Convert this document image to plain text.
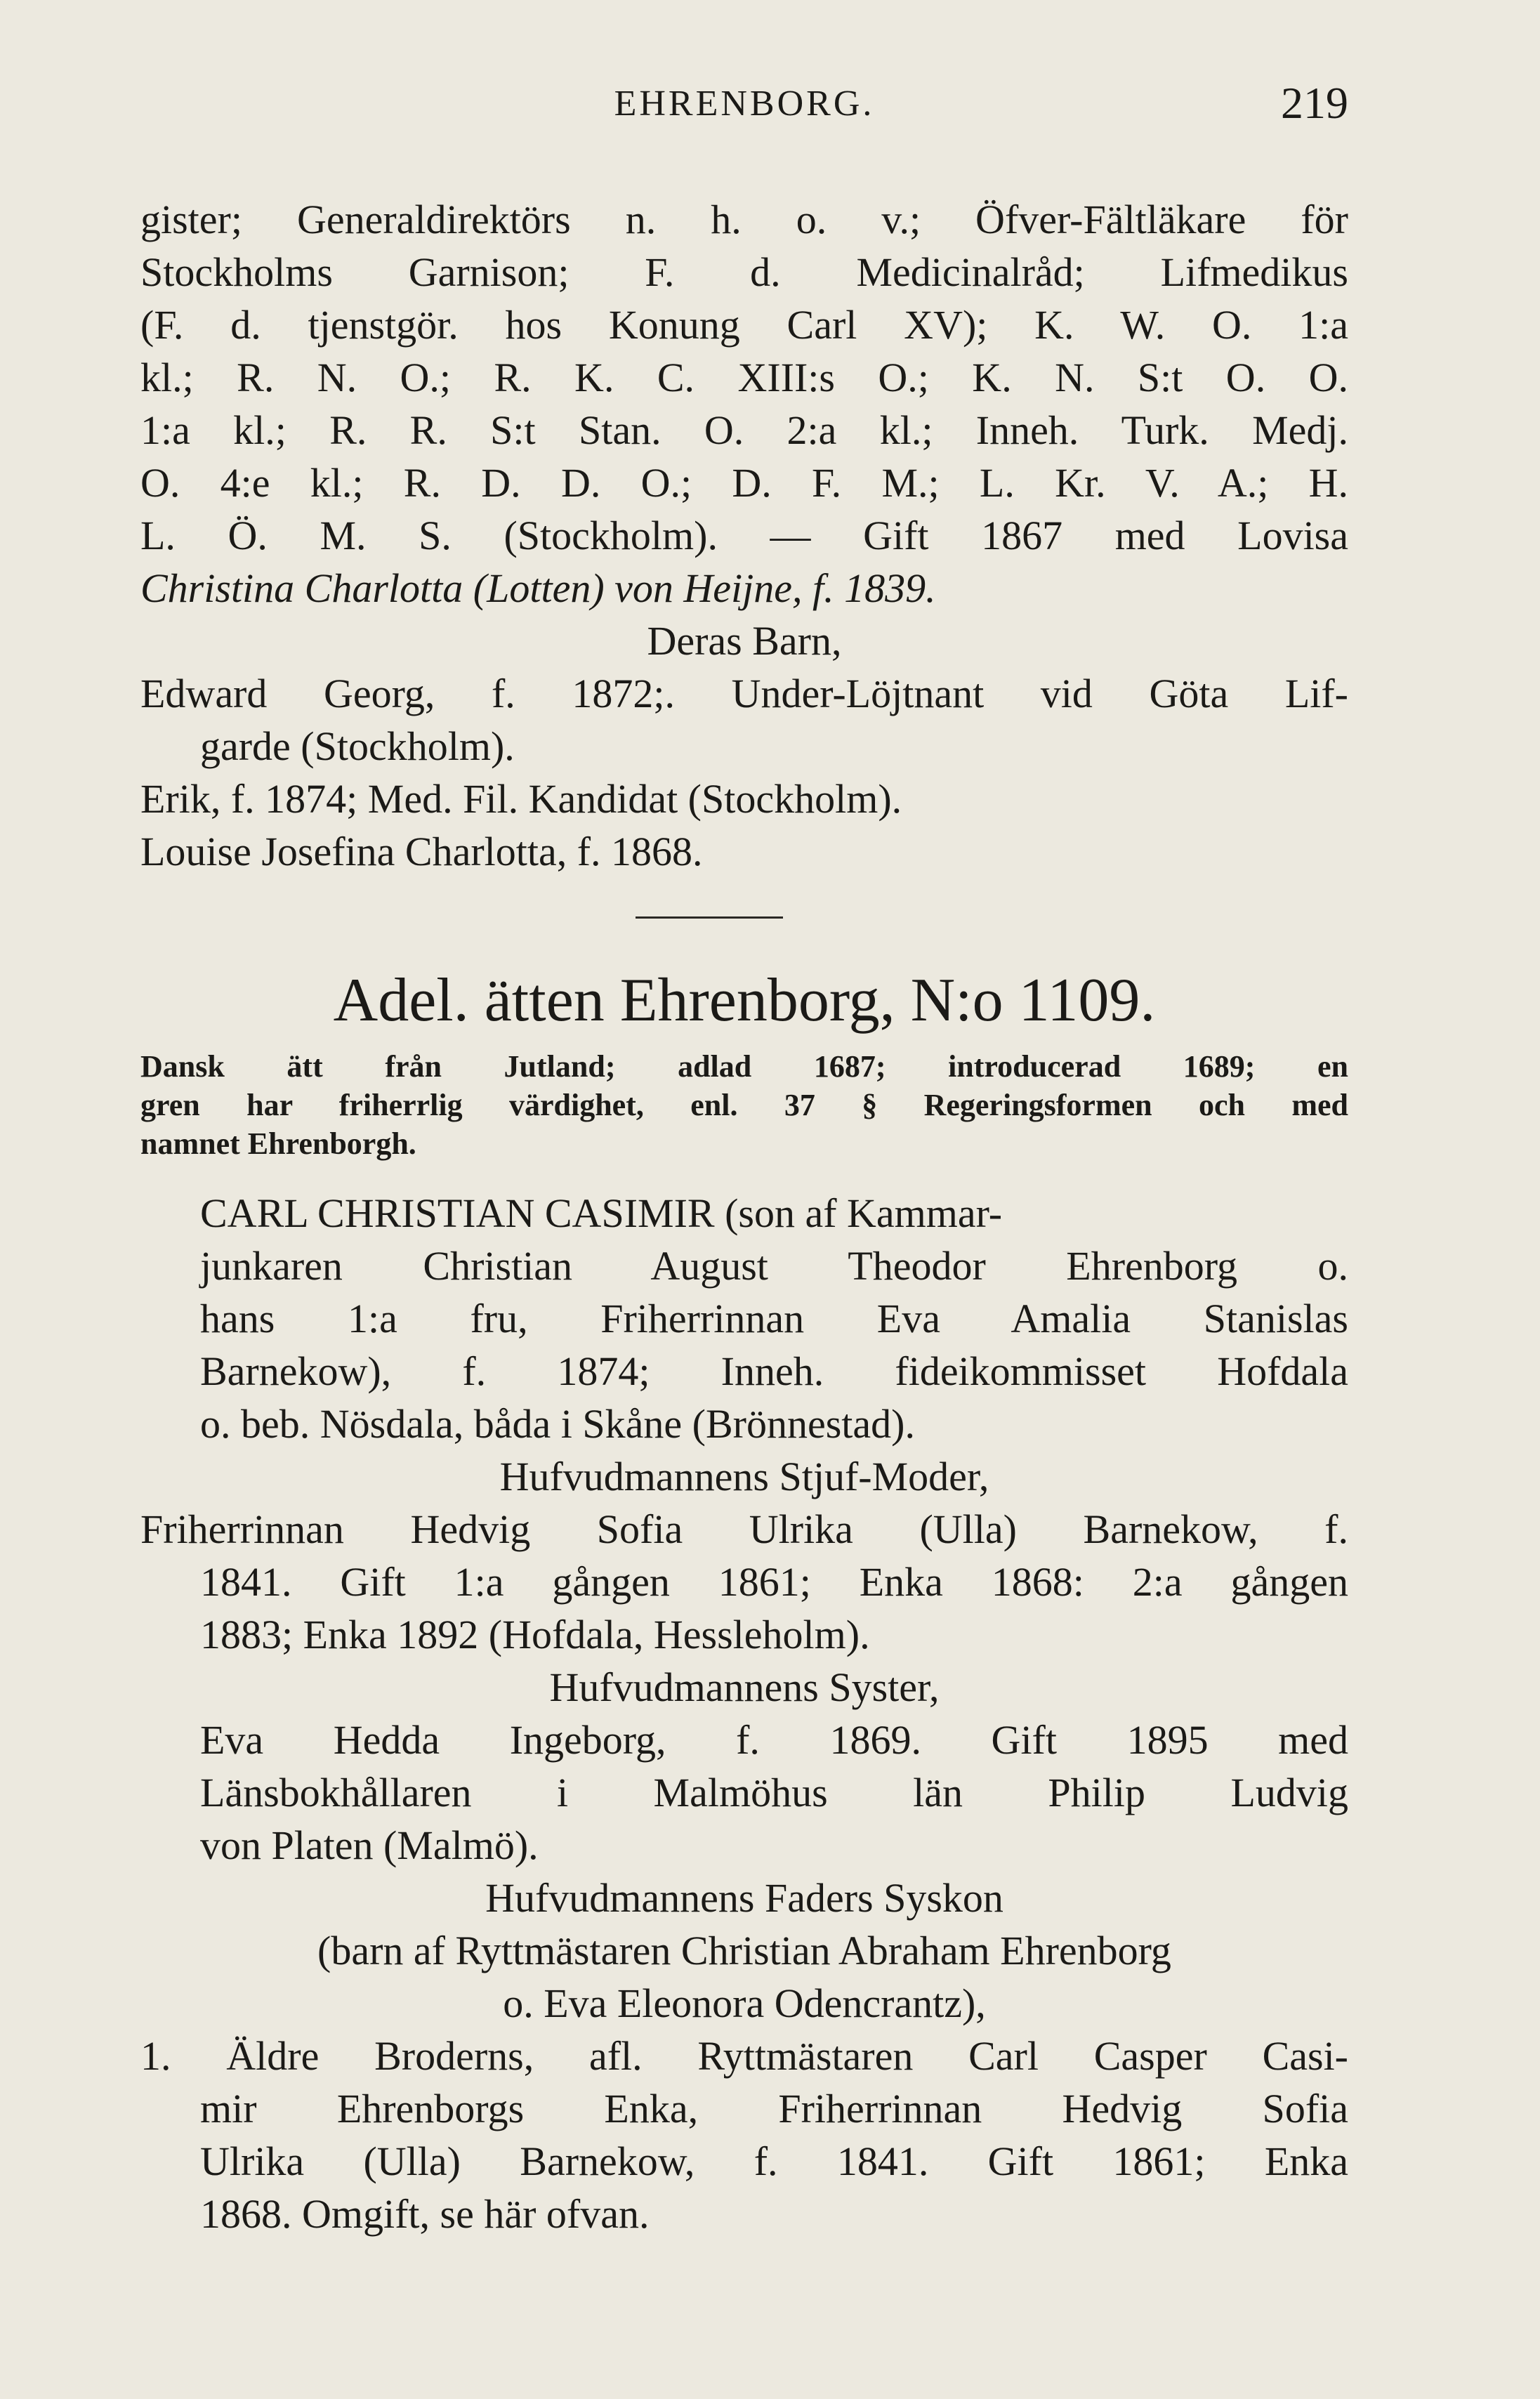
EHRENBORG.	219
gister; Generaldirektörs n. h. o. v.; Öfver-Fältläkare för
Stockholms Garnison; F. d. Medicinalråd; Lifmedikus
(F. d. tjenstgör. hos Konung Carl XV); K. W. O. 1:a
kl.; R. N. O.; R. K. C. XIII:s O.; K. N. S:t O. O.
1:a kl.; R. R. S:t Stan. O. 2:a kl.; Inneh. Turk. Medj.
O. 4:e kl.; R. D. D. O.; D. F. M.; L. Kr. V. A.; H.
L. Ö. M. S. (Stockholm). — Gift 1867 med Lovisa
Christina Charlotta (Lotten) von Heijne, f. 1839.
Deras Barn,
Edward Georg, f. 1872;. Under-Löjtnant vid Göta Lif-
garde (Stockholm).
Erik, f. 1874; Med. Fil. Kandidat (Stockholm).
Louise Josefina Charlotta, f. 1868.
Adel. ätten Ehrenborg, N:o 1109.
Dansk ätt från Jutland; adlad 1687; introducerad 1689; en
gren har friherrlig värdighet, enl. 37 § Regeringsformen och med
namnet Ehrenborgh.
CARL CHRISTIAN CASIMIR (son af Kammar-
junkaren Christian August Theodor Ehrenborg o.
hans 1:a fru, Friherrinnan Eva Amalia Stanislas
Barnekow), f. 1874; Inneh. fideikommisset Hofdala
o. beb. Nösdala, båda i Skåne (Brönnestad).
Hufvudmannens Stjuf-Moder,
Friherrinnan Hedvig Sofia Ulrika (Ulla) Barnekow, f.
1841. Gift 1:a gången 1861; Enka 1868: 2:a gången
1883; Enka 1892 (Hofdala, Hessleholm).
Hufvudmannens Syster,
Eva Hedda Ingeborg, f. 1869. Gift 1895 med
Länsbokhållaren i Malmöhus län Philip Ludvig
von Platen (Malmö).
Hufvudmannens Faders Syskon
(barn af Ryttmästaren Christian Abraham Ehrenborg
o. Eva Eleonora Odencrantz),
1. Äldre Broderns, afl. Ryttmästaren Carl Casper Casi-
mir Ehrenborgs Enka, Friherrinnan Hedvig Sofia
Ulrika (Ulla) Barnekow, f. 1841. Gift 1861; Enka
1868. Omgift, se här ofvan.
